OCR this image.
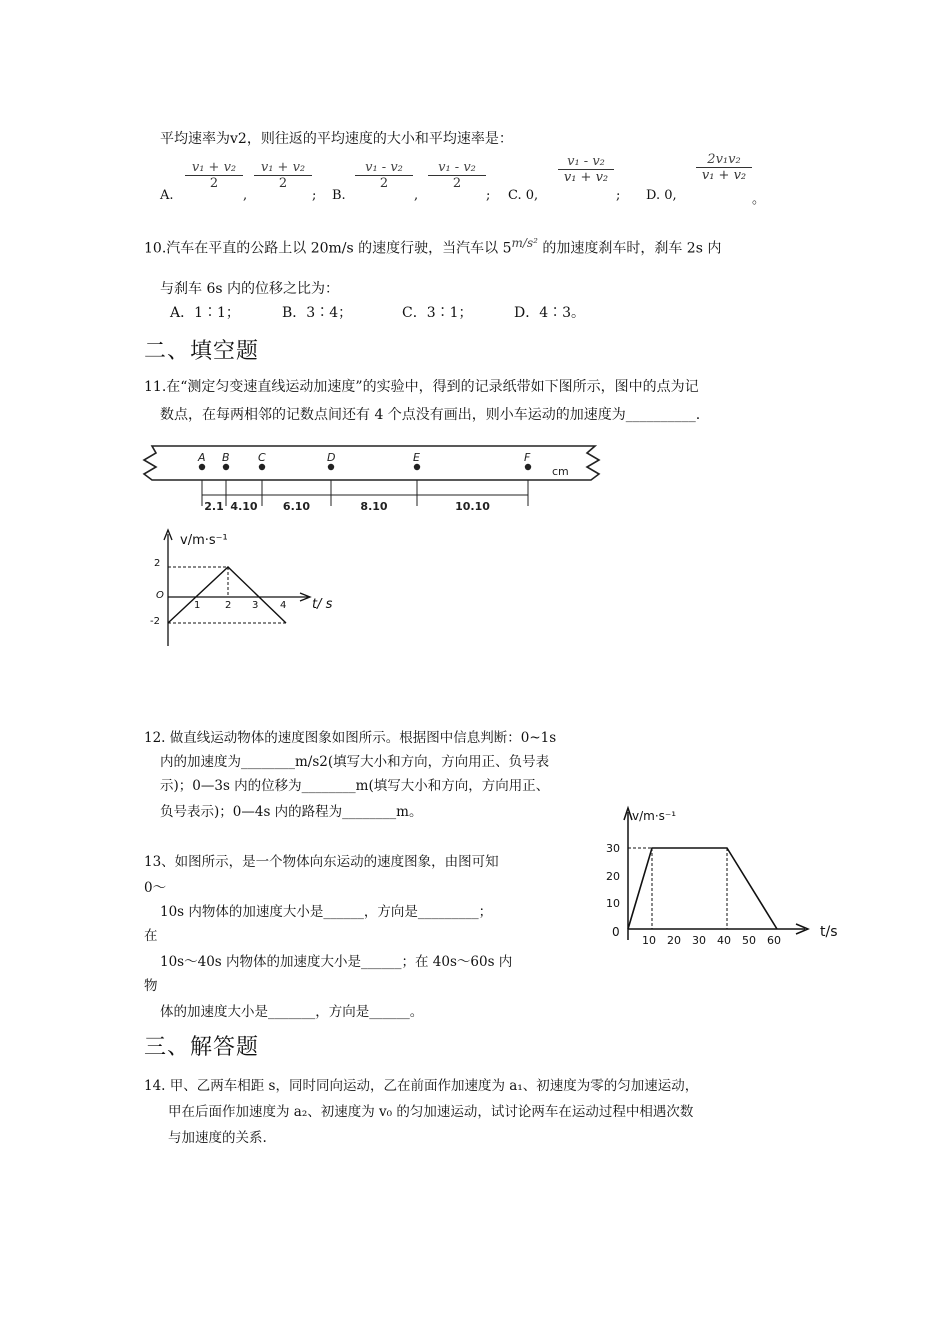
平均速率为v2，则往返的平均速度的大小和平均速率是：
A.
$\frac{\text{v₁ + v₂}}{2}$
,
$\frac{\text{v₁ + v₂}}{2}$
; B.
$\frac{\text{v₁ - v₂}}{2}$
,
$\frac{\text{v₁ - v₂}}{2}$
; C. 0,
$\frac{\text{v₁ - v₂}}{\text{v₁ + v₂}}$
; D. 0,
$\frac{\text{2v₁v₂}}{\text{v₁ + v₂}}$
。
10.汽车在平直的公路上以 20m/s 的速度行驶，当汽车以 $5^{m/s^2}$ 的加速度刹车时，刹车 2s 内
与刹车 6s 内的位移之比为：
A．1∶1；	B．3∶4；	C．3∶1；	D．4∶3。
二、填空题
11.在“测定匀变速直线运动加速度”的实验中，得到的记录纸带如下图所示，图中的点为记
数点，在每两相邻的记数点间还有 4 个点没有画出，则小车运动的加速度为__________.
A B	C	D	E	F
cm
2.1 4.10 6.10	8.10	10.10
v/m·s⁻¹
t/ s
O
2
-2
1 2 3 4
12. 做直线运动物体的速度图象如图所示。根据图中信息判断：0~1s
内的加速度为________m/s2(填写大小和方向，方向用正、负号表
示)；0—3s 内的位移为________m(填写大小和方向，方向用正、
负号表示)；0—4s 内的路程为________m。	v/m·s⁻¹
t/s
30
20
10
0
10 20 30 40 50 60
13、如图所示，是一个物体向东运动的速度图象，由图可知
0～
10s 内物体的加速度大小是______，方向是_________；
在
10s～40s 内物体的加速度大小是______；在 40s～60s 内
物
体的加速度大小是_______，方向是______。
三、解答题
14. 甲、乙两车相距 s，同时同向运动，乙在前面作加速度为 a₁、初速度为零的匀加速运动，
甲在后面作加速度为 a₂、初速度为 v₀ 的匀加速运动，试讨论两车在运动过程中相遇次数
与加速度的关系.
